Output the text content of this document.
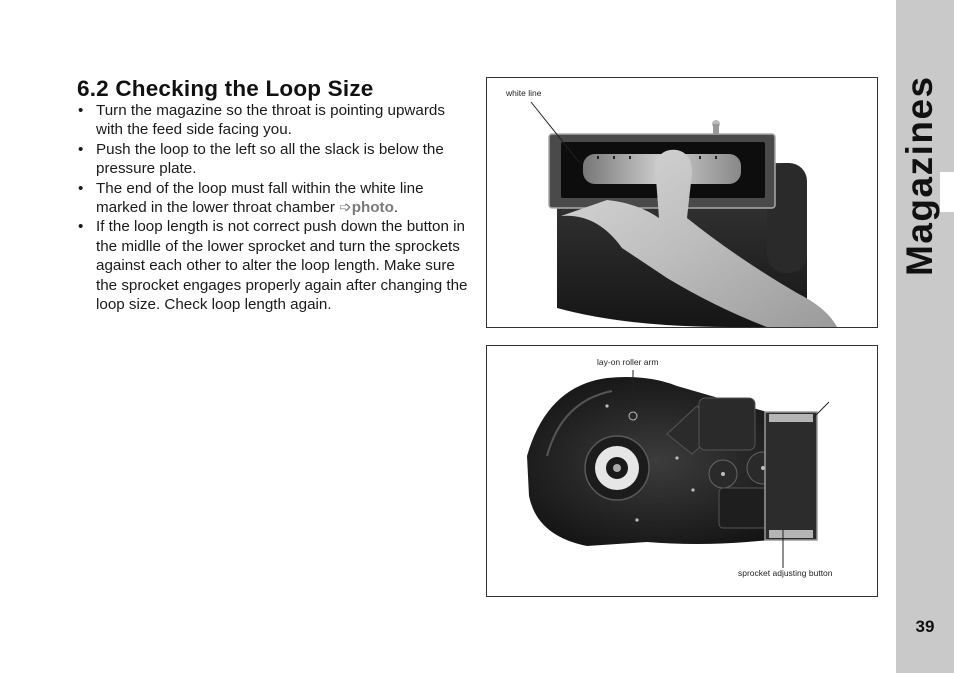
Magazines
39
6.2 Checking the Loop Size
• Turn the magazine so the throat is pointing upwards with the feed side facing you.
• Push the loop to the left so all the slack is below the pressure plate.
• The end of the loop must fall within the white line marked in the lower throat chamber ➩photo.
• If the loop length is not correct push down the button in the midlle of the lower sprocket and turn the sprockets against each other to alter the loop length. Make sure the sprocket engages properly again after changing the loop size. Check loop length again.
white line
lay-on roller arm
sprocket adjusting button
